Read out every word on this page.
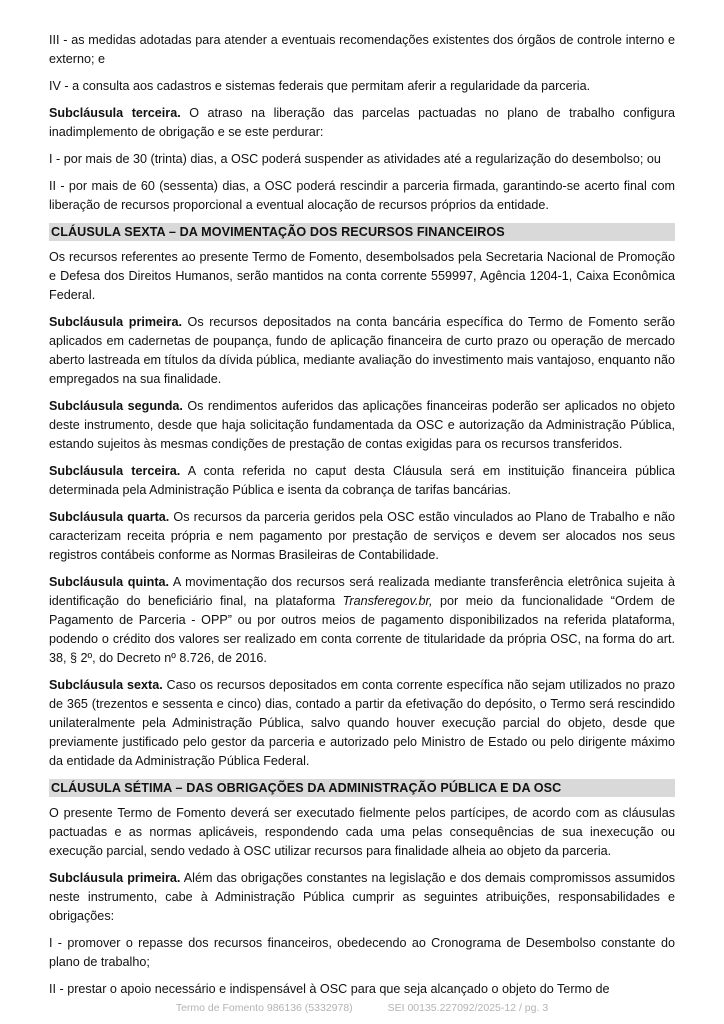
III - as medidas adotadas para atender a eventuais recomendações existentes dos órgãos de controle interno e externo; e

IV - a consulta aos cadastros e sistemas federais que permitam aferir a regularidade da parceria.

Subcláusula terceira. O atraso na liberação das parcelas pactuadas no plano de trabalho configura inadimplemento de obrigação e se este perdurar:

I - por mais de 30 (trinta) dias, a OSC poderá suspender as atividades até a regularização do desembolso; ou

II - por mais de 60 (sessenta) dias, a OSC poderá rescindir a parceria firmada, garantindo-se acerto final com liberação de recursos proporcional a eventual alocação de recursos próprios da entidade.

CLÁUSULA SEXTA – DA MOVIMENTAÇÃO DOS RECURSOS FINANCEIROS

Os recursos referentes ao presente Termo de Fomento, desembolsados pela Secretaria Nacional de Promoção e Defesa dos Direitos Humanos, serão mantidos na conta corrente 559997, Agência 1204-1, Caixa Econômica Federal.

Subcláusula primeira. Os recursos depositados na conta bancária específica do Termo de Fomento serão aplicados em cadernetas de poupança, fundo de aplicação financeira de curto prazo ou operação de mercado aberto lastreada em títulos da dívida pública, mediante avaliação do investimento mais vantajoso, enquanto não empregados na sua finalidade.

Subcláusula segunda. Os rendimentos auferidos das aplicações financeiras poderão ser aplicados no objeto deste instrumento, desde que haja solicitação fundamentada da OSC e autorização da Administração Pública, estando sujeitos às mesmas condições de prestação de contas exigidas para os recursos transferidos.

Subcláusula terceira. A conta referida no caput desta Cláusula será em instituição financeira pública determinada pela Administração Pública e isenta da cobrança de tarifas bancárias.

Subcláusula quarta. Os recursos da parceria geridos pela OSC estão vinculados ao Plano de Trabalho e não caracterizam receita própria e nem pagamento por prestação de serviços e devem ser alocados nos seus registros contábeis conforme as Normas Brasileiras de Contabilidade.

Subcláusula quinta. A movimentação dos recursos será realizada mediante transferência eletrônica sujeita à identificação do beneficiário final, na plataforma Transferegov.br, por meio da funcionalidade “Ordem de Pagamento de Parceria - OPP” ou por outros meios de pagamento disponibilizados na referida plataforma, podendo o crédito dos valores ser realizado em conta corrente de titularidade da própria OSC, na forma do art. 38, § 2º, do Decreto nº 8.726, de 2016.

Subcláusula sexta. Caso os recursos depositados em conta corrente específica não sejam utilizados no prazo de 365 (trezentos e sessenta e cinco) dias, contado a partir da efetivação do depósito, o Termo será rescindido unilateralmente pela Administração Pública, salvo quando houver execução parcial do objeto, desde que previamente justificado pelo gestor da parceria e autorizado pelo Ministro de Estado ou pelo dirigente máximo da entidade da Administração Pública Federal.

CLÁUSULA SÉTIMA – DAS OBRIGAÇÕES DA ADMINISTRAÇÃO PÚBLICA E DA OSC

O presente Termo de Fomento deverá ser executado fielmente pelos partícipes, de acordo com as cláusulas pactuadas e as normas aplicáveis, respondendo cada uma pelas consequências de sua inexecução ou execução parcial, sendo vedado à OSC utilizar recursos para finalidade alheia ao objeto da parceria.

Subcláusula primeira. Além das obrigações constantes na legislação e dos demais compromissos assumidos neste instrumento, cabe à Administração Pública cumprir as seguintes atribuições, responsabilidades e obrigações:

I - promover o repasse dos recursos financeiros, obedecendo ao Cronograma de Desembolso constante do plano de trabalho;

II - prestar o apoio necessário e indispensável à OSC para que seja alcançado o objeto do Termo de

Termo de Fomento 986136 (5332978)	SEI 00135.227092/2025-12 / pg. 3
